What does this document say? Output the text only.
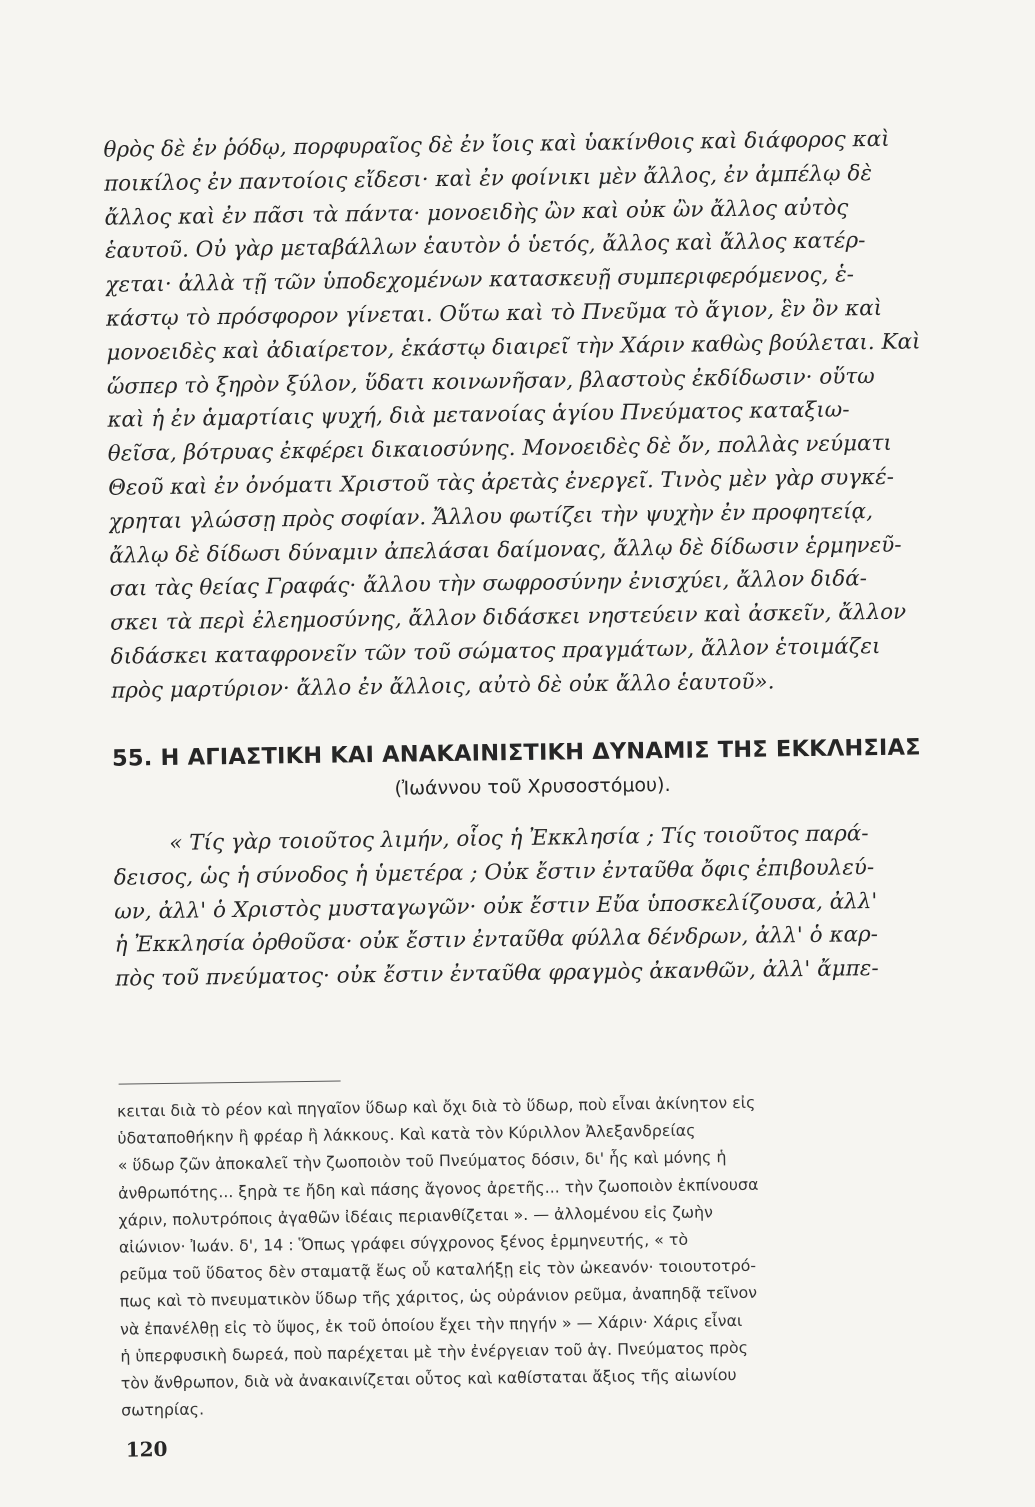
θρὸς δὲ ἐν ῥόδῳ, πορφυραῖος δὲ ἐν ἴοις καὶ ὑακίνθοις καὶ διάφορος καὶ
ποικίλος ἐν παντοίοις εἴδεσι· καὶ ἐν φοίνικι μὲν ἄλλος, ἐν ἀμπέλῳ δὲ
ἄλλος καὶ ἐν πᾶσι τὰ πάντα· μονοειδὴς ὢν καὶ οὐκ ὢν ἄλλος αὐτὸς
ἑαυτοῦ. Οὐ γὰρ μεταβάλλων ἑαυτὸν ὁ ὑετός, ἄλλος καὶ ἄλλος κατέρ-
χεται· ἀλλὰ τῇ τῶν ὑποδεχομένων κατασκευῇ συμπεριφερόμενος, ἑ-
κάστῳ τὸ πρόσφορον γίνεται. Οὕτω καὶ τὸ Πνεῦμα τὸ ἅγιον, ἓν ὂν καὶ
μονοειδὲς καὶ ἀδιαίρετον, ἑκάστῳ διαιρεῖ τὴν Χάριν καθὼς βούλεται. Καὶ
ὥσπερ τὸ ξηρὸν ξύλον, ὕδατι κοινωνῆσαν, βλαστοὺς ἐκδίδωσιν· οὕτω
καὶ ἡ ἐν ἁμαρτίαις ψυχή, διὰ μετανοίας ἁγίου Πνεύματος καταξιω-
θεῖσα, βότρυας ἐκφέρει δικαιοσύνης. Μονοειδὲς δὲ ὄν, πολλὰς νεύματι
Θεοῦ καὶ ἐν ὀνόματι Χριστοῦ τὰς ἀρετὰς ἐνεργεῖ. Τινὸς μὲν γὰρ συγκέ-
χρηται γλώσσῃ πρὸς σοφίαν. Ἄλλου φωτίζει τὴν ψυχὴν ἐν προφητείᾳ,
ἄλλῳ δὲ δίδωσι δύναμιν ἀπελάσαι δαίμονας, ἄλλῳ δὲ δίδωσιν ἑρμηνεῦ-
σαι τὰς θείας Γραφάς· ἄλλου τὴν σωφροσύνην ἐνισχύει, ἄλλον διδά-
σκει τὰ περὶ ἐλεημοσύνης, ἄλλον διδάσκει νηστεύειν καὶ ἀσκεῖν, ἄλλον
διδάσκει καταφρονεῖν τῶν τοῦ σώματος πραγμάτων, ἄλλον ἑτοιμάζει
πρὸς μαρτύριον· ἄλλο ἐν ἄλλοις, αὐτὸ δὲ οὐκ ἄλλο ἑαυτοῦ».
55. Η ΑΓΙΑΣΤΙΚΗ ΚΑΙ ΑΝΑΚΑΙΝΙΣΤΙΚΗ ΔΥΝΑΜΙΣ ΤΗΣ ΕΚΚΛΗΣΙΑΣ
(Ἰωάννου τοῦ Χρυσοστόμου).
« Τίς γὰρ τοιοῦτος λιμήν, οἷος ἡ Ἐκκλησία ; Τίς τοιοῦτος παρά-
δεισος, ὡς ἡ σύνοδος ἡ ὑμετέρα ; Οὐκ ἔστιν ἐνταῦθα ὄφις ἐπιβουλεύ-
ων, ἀλλ' ὁ Χριστὸς μυσταγωγῶν· οὐκ ἔστιν Εὔα ὑποσκελίζουσα, ἀλλ'
ἡ Ἐκκλησία ὀρθοῦσα· οὐκ ἔστιν ἐνταῦθα φύλλα δένδρων, ἀλλ' ὁ καρ-
πὸς τοῦ πνεύματος· οὐκ ἔστιν ἐνταῦθα φραγμὸς ἀκανθῶν, ἀλλ' ἄμπε-
κειται διὰ τὸ ρέον καὶ πηγαῖον ὕδωρ καὶ ὄχι διὰ τὸ ὕδωρ, ποὺ εἶναι ἀκίνητον εἰς
ὑδαταποθήκην ἢ φρέαρ ἢ λάκκους. Καὶ κατὰ τὸν Κύριλλον Ἀλεξανδρείας
« ὕδωρ ζῶν ἀποκαλεῖ τὴν ζωοποιὸν τοῦ Πνεύματος δόσιν, δι' ἧς καὶ μόνης ἡ
ἀνθρωπότης... ξηρὰ τε ἤδη καὶ πάσης ἄγονος ἀρετῆς... τὴν ζωοποιὸν ἐκπίνουσα
χάριν, πολυτρόποις ἀγαθῶν ἰδέαις περιανθίζεται ». — ἀλλομένου εἰς ζωὴν
αἰώνιον· Ἰωάν. δ', 14 : Ὅπως γράφει σύγχρονος ξένος ἑρμηνευτής, « τὸ
ρεῦμα τοῦ ὕδατος δὲν σταματᾷ ἕως οὗ καταλήξῃ εἰς τὸν ὠκεανόν· τοιουτοτρό-
πως καὶ τὸ πνευματικὸν ὕδωρ τῆς χάριτος, ὡς οὐράνιον ρεῦμα, ἀναπηδᾷ τεῖνον
νὰ ἐπανέλθῃ εἰς τὸ ὕψος, ἐκ τοῦ ὁποίου ἔχει τὴν πηγήν » — Χάριν· Χάρις εἶναι
ἡ ὑπερφυσικὴ δωρεά, ποὺ παρέχεται μὲ τὴν ἐνέργειαν τοῦ ἁγ. Πνεύματος πρὸς
τὸν ἄνθρωπον, διὰ νὰ ἀνακαινίζεται οὗτος καὶ καθίσταται ἄξιος τῆς αἰωνίου
σωτηρίας.
120
